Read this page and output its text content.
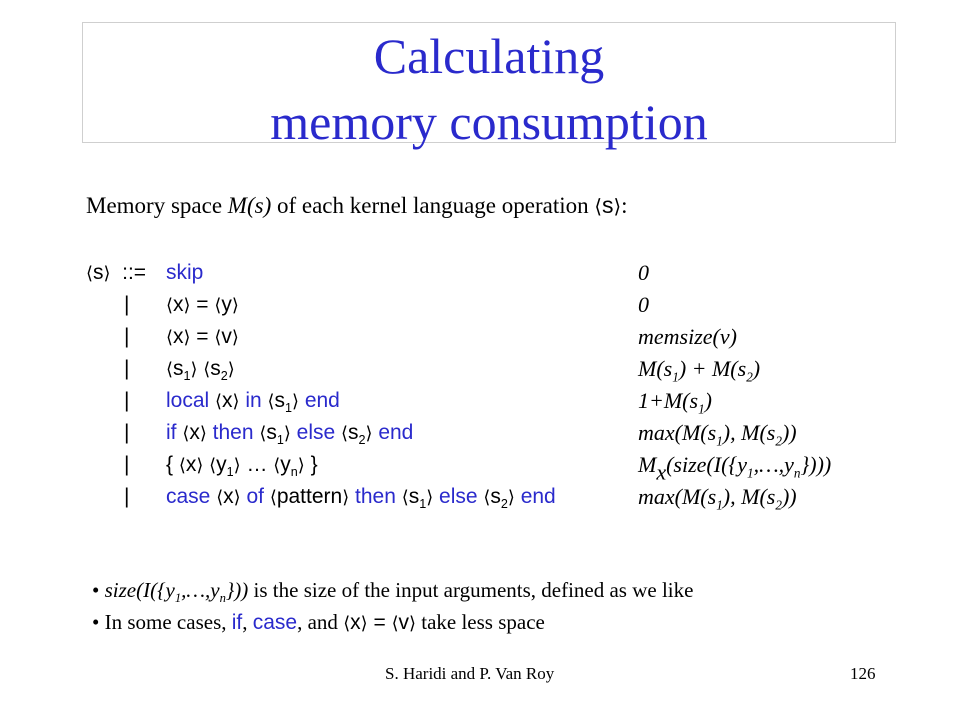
Calculating
memory consumption
Memory space M(s) of each kernel language operation ⟨s⟩:
⟨s⟩ ::= skip	0
| ⟨x⟩ = ⟨y⟩	0
| ⟨x⟩ = ⟨v⟩	memsize(v)
| $⟨s_1⟩$ $⟨s_2⟩$	$M(s_1) + M(s_2)$
| local ⟨x⟩ in $⟨s_1⟩$ end	$1+M(s_1)$
| if ⟨x⟩ then $⟨s_1⟩$ else $⟨s_2⟩$ end	$\max(M(s_1)$, $M(s_2)$)
| { ⟨x⟩ $⟨y_1⟩$ … $⟨y_n⟩$ }	$Mx(size(I(\{y_1,\dots,y_n\})))$
| case ⟨x⟩ of ⟨pattern⟩ then $⟨s_1⟩$ else $⟨s_2⟩$ end	$\max(M(s_1)$, $M(s_2)$)
• $size(I(\{y_1,\dots,y_n\}))$ is the size of the input arguments, defined as we like
• In some cases, if, case, and ⟨x⟩ = ⟨v⟩ take less space
S. Haridi and P. Van Roy	126
